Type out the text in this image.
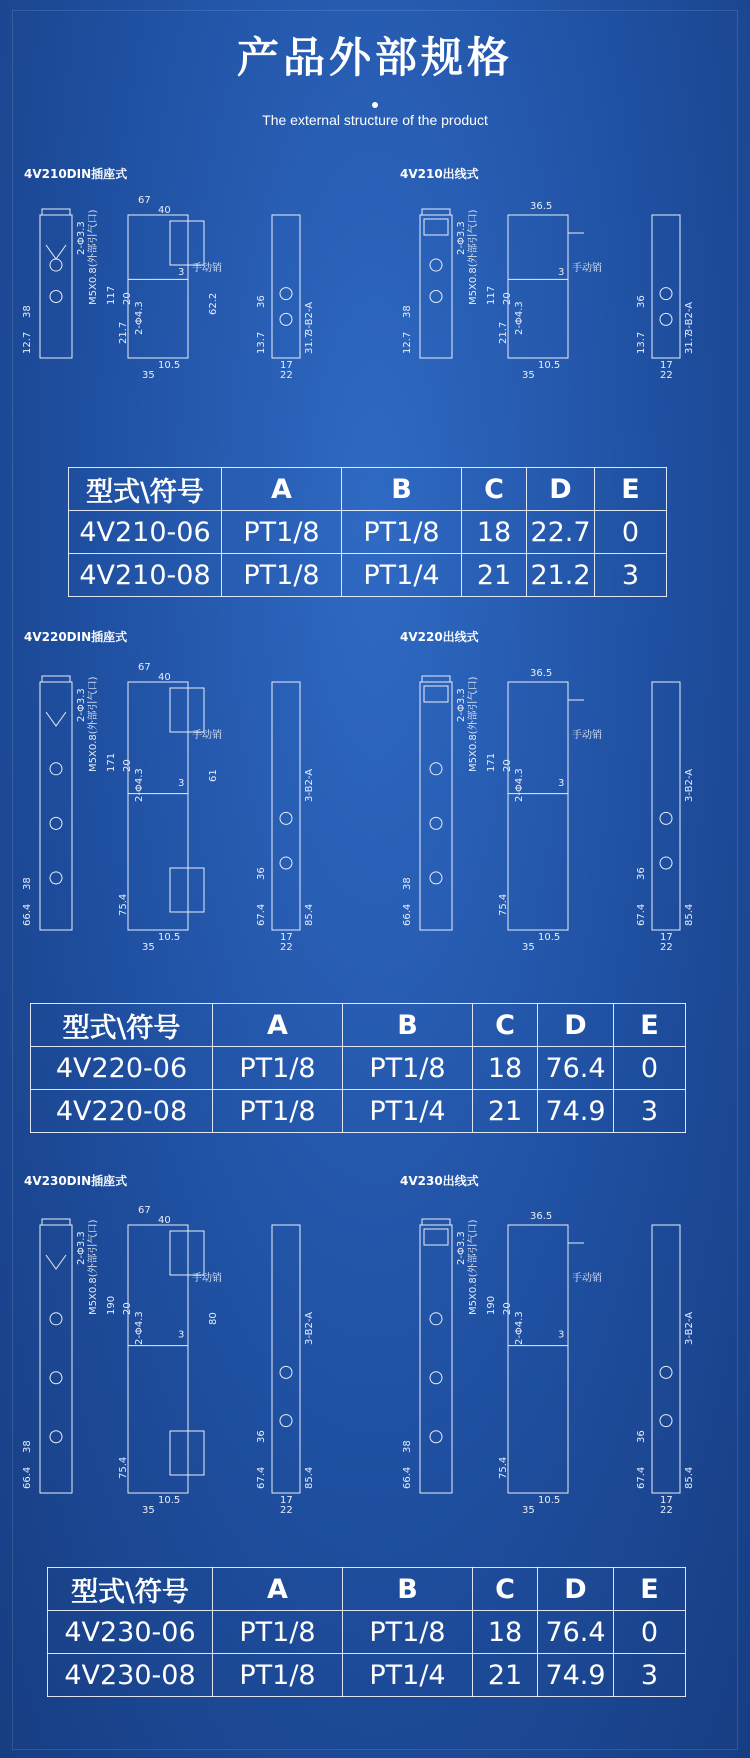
产品外部规格
The external structure of the product
4V210DIN插座式	4V210出线式
38
12.7
2-Φ3.3 M5X0.8(外部引气口)
67
40
62.2
手动销
3
117 20
2-Φ4.3
21.7
10.5
35
36
13.7	31.7
3-B2-A
17
22
38
12.7
2-Φ3.3 M5X0.8(外部引气口)
36.5
手动销
3
117 20
2-Φ4.3
21.7
10.5
35
36
13.7	31.7
3-B2-A
17
22
型式\符号	A	B	C	D	E
4V210-06	PT1/8	PT1/8	18	22.7	0
4V210-08	PT1/8	PT1/4	21	21.2	3
4V220DIN插座式	4V220出线式
38
66.4
2-Φ3.3 M5X0.8(外部引气口)
67
40
61
手动销
3
171 20
2-Φ4.3
75.4
10.5
35
36
67.4	85.4
3-B2-A
17
22
38
66.4
2-Φ3.3 M5X0.8(外部引气口)
36.5
手动销
3
171 20
2-Φ4.3
75.4
10.5
35
36
67.4	85.4
3-B2-A
17
22
型式\符号	A	B	C	D	E
4V220-06	PT1/8	PT1/8	18	76.4	0
4V220-08	PT1/8	PT1/4	21	74.9	3
4V230DIN插座式	4V230出线式
38
66.4
2-Φ3.3 M5X0.8(外部引气口)
67
40
80
手动销
3
190 20
2-Φ4.3
75.4
10.5
35
36
67.4	85.4
3-B2-A
17
22
38
66.4
2-Φ3.3 M5X0.8(外部引气口)
36.5
手动销
3
190 20
2-Φ4.3
75.4
10.5
35
36
67.4	85.4
3-B2-A
17
22
型式\符号	A	B	C	D	E
4V230-06	PT1/8	PT1/8	18	76.4	0
4V230-08	PT1/8	PT1/4	21	74.9	3
